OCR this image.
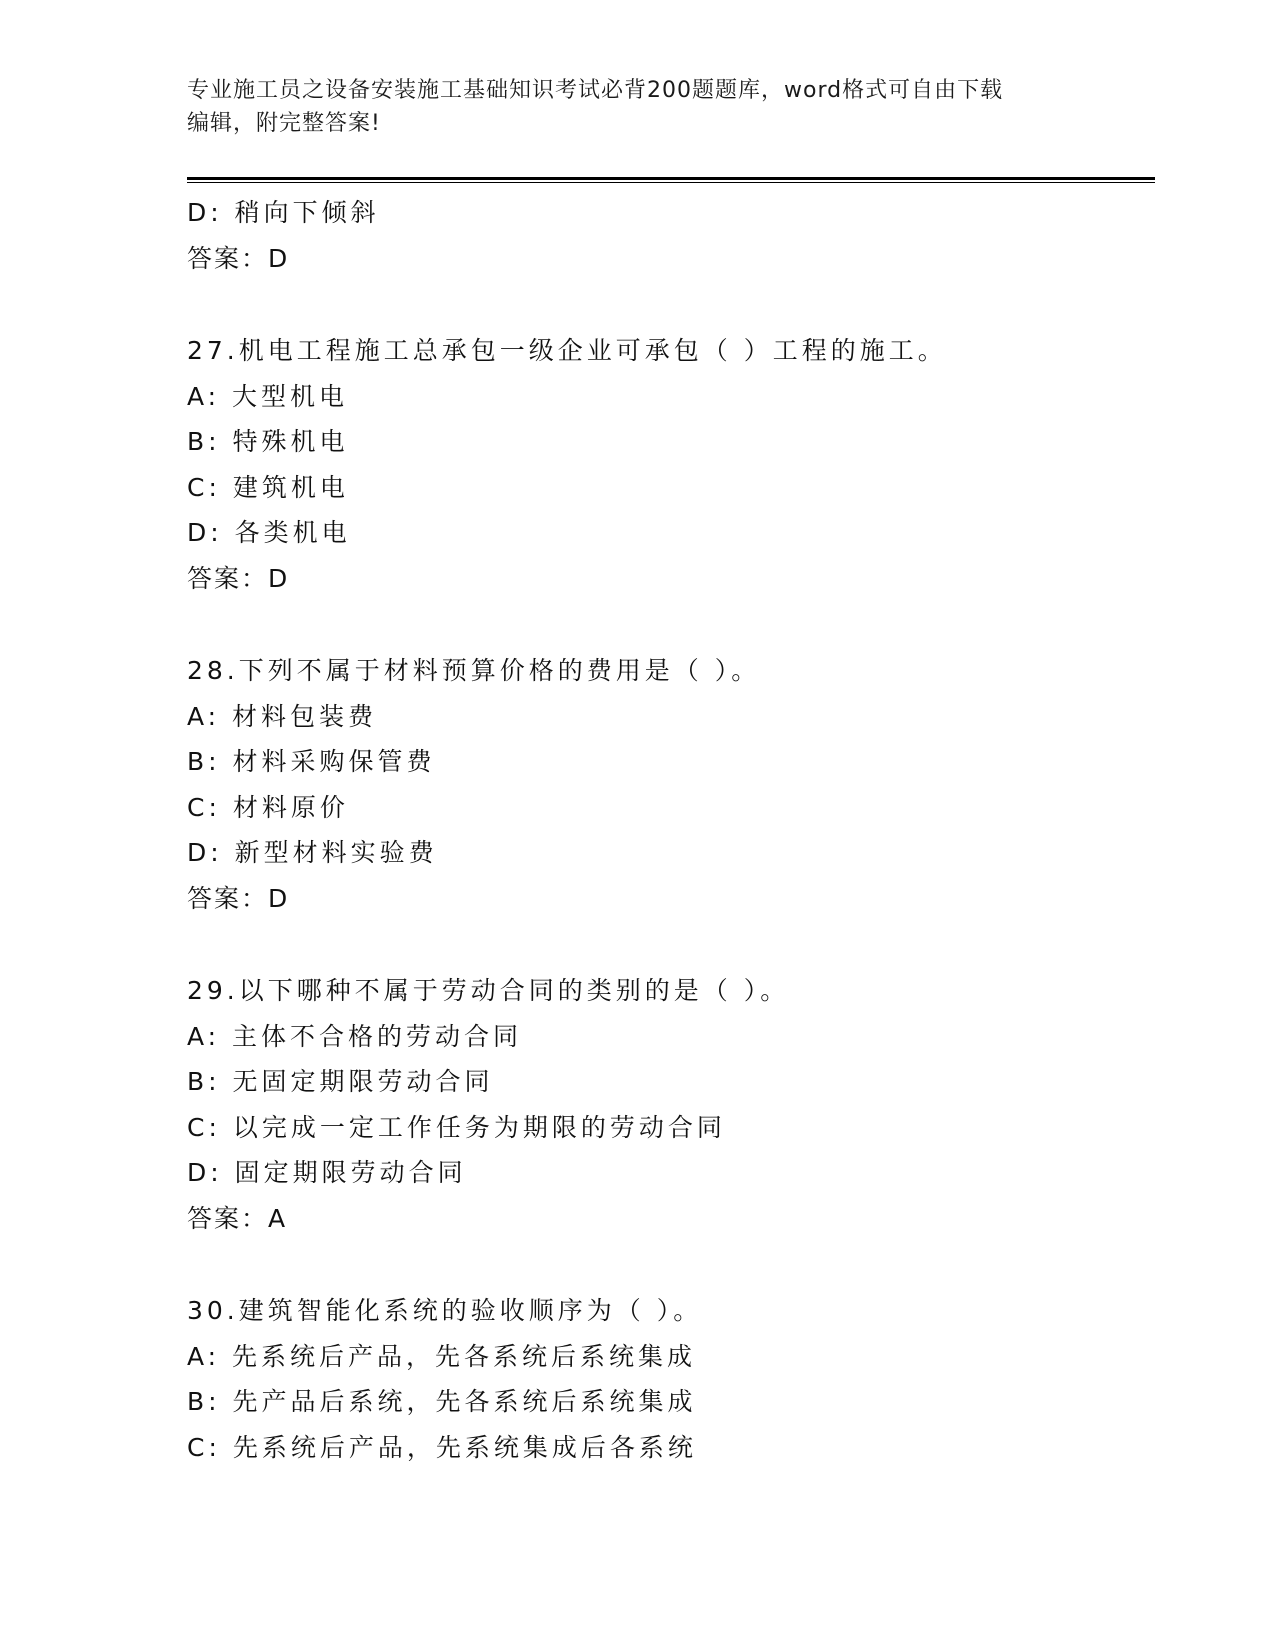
专业施工员之设备安装施工基础知识考试必背200题题库，word格式可自由下载
编辑，附完整答案!
D: 稍向下倾斜
答案：D
27.机电工程施工总承包一级企业可承包（ ）工程的施工。
A: 大型机电
B: 特殊机电
C: 建筑机电
D: 各类机电
答案：D
28.下列不属于材料预算价格的费用是（ ）。
A: 材料包装费
B: 材料采购保管费
C: 材料原价
D: 新型材料实验费
答案：D
29.以下哪种不属于劳动合同的类别的是（ ）。
A: 主体不合格的劳动合同
B: 无固定期限劳动合同
C: 以完成一定工作任务为期限的劳动合同
D: 固定期限劳动合同
答案：A
30.建筑智能化系统的验收顺序为（ ）。
A: 先系统后产品，先各系统后系统集成
B: 先产品后系统，先各系统后系统集成
C: 先系统后产品，先系统集成后各系统
